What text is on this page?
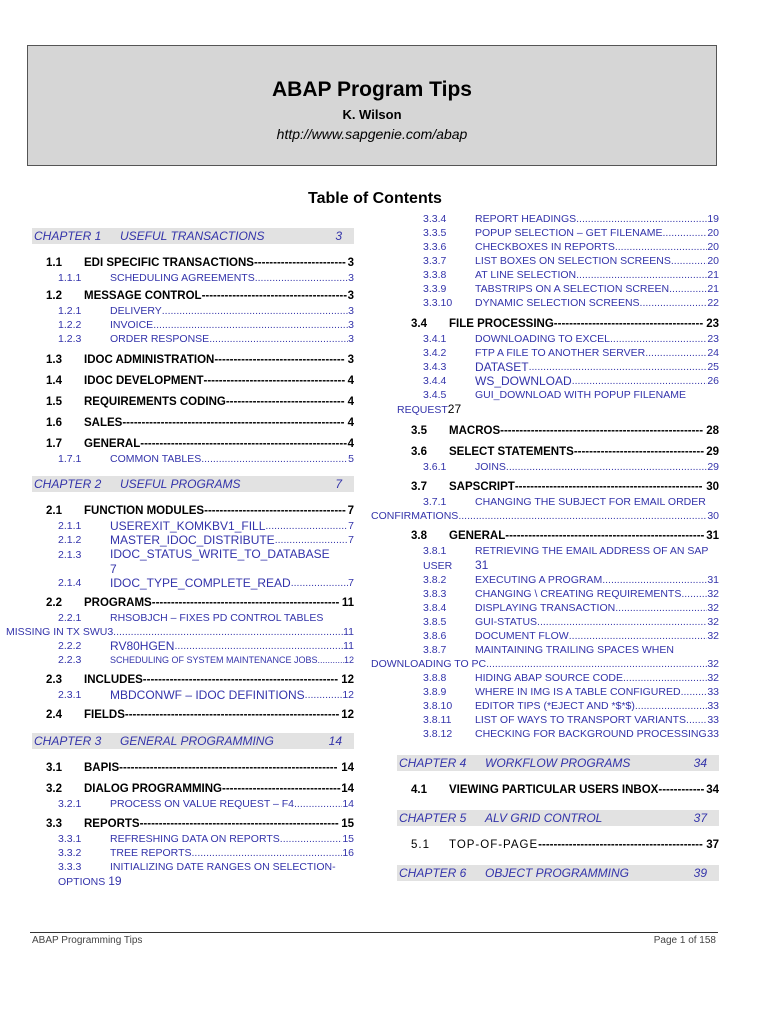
ABAP Program Tips
K. Wilson
http://www.sapgenie.com/abap
Table of Contents
CHAPTER 1 USEFUL TRANSACTIONS	3
1.1	EDI SPECIFIC TRANSACTIONS -----	3
1.1.1	SCHEDULING AGREEMENTS .....	3
1.2	MESSAGE CONTROL -----	3
1.2.1	DELIVERY .....	3
1.2.2	INVOICE .....	3
1.2.3	ORDER RESPONSE .....	3
1.3	IDOC ADMINISTRATION -----	3
1.4	IDOC DEVELOPMENT -----	4
1.5	REQUIREMENTS CODING -----	4
1.6	SALES -----	4
1.7	GENERAL -----	4
1.7.1	COMMON TABLES .....	5
CHAPTER 2 USEFUL PROGRAMS	7
2.1	FUNCTION MODULES -----	7
2.1.1	USEREXIT_KOMKBV1_FILL .....	7
2.1.2	MASTER_IDOC_DISTRIBUTE .....	7
2.1.3 IDOC_STATUS_WRITE_TO_DATABASE
7
2.1.4	IDOC_TYPE_COMPLETE_READ .....	7
2.2	PROGRAMS -----	11
2.2.1	RHSOBJCH – FIXES PD CONTROL TABLES
MISSING IN TX SWU3 .....	11
2.2.2	RV80HGEN .....	11
2.2.3	SCHEDULING OF SYSTEM MAINTENANCE JOBS .....	12
2.3	INCLUDES -----	12
2.3.1	MBDCONWF – IDOC DEFINITIONS .....	12
2.4	FIELDS -----	12
CHAPTER 3 GENERAL PROGRAMMING	14
3.1	BAPIS -----	14
3.2	DIALOG PROGRAMMING -----	14
3.2.1	PROCESS ON VALUE REQUEST – F4 .....	14
3.3	REPORTS -----	15
3.3.1	REFRESHING DATA ON REPORTS .....	15
3.3.2	TREE REPORTS .....	16
3.3.3	INITIALIZING DATE RANGES ON SELECTION-
OPTIONS 19
3.3.4	REPORT HEADINGS .....	19
3.3.5	POPUP SELECTION – GET FILENAME .....	20
3.3.6	CHECKBOXES IN REPORTS .....	20
3.3.7	LIST BOXES ON SELECTION SCREENS .....	20
3.3.8	AT LINE SELECTION .....	21
3.3.9	TABSTRIPS ON A SELECTION SCREEN .....	21
3.3.10	DYNAMIC SELECTION SCREENS .....	22
3.4	FILE PROCESSING -----	23
3.4.1	DOWNLOADING TO EXCEL .....	23
3.4.2	FTP A FILE TO ANOTHER SERVER .....	24
3.4.3	DATASET .....	25
3.4.4	WS_DOWNLOAD .....	26
3.4.5	GUI_DOWNLOAD WITH POPUP FILENAME
REQUEST27
3.5	MACROS -----	28
3.6	SELECT STATEMENTS -----	29
3.6.1	JOINS .....	29
3.7	SAPSCRIPT -----	30
3.7.1	CHANGING THE SUBJECT FOR EMAIL ORDER
CONFIRMATIONS .....	30
3.8	GENERAL -----	31
3.8.1	RETRIEVING THE EMAIL ADDRESS OF AN SAP
USER 31
3.8.2	EXECUTING A PROGRAM .....	31
3.8.3	CHANGING \ CREATING REQUIREMENTS ..... 32
3.8.4	DISPLAYING TRANSACTION .....	32
3.8.5	GUI-STATUS .....	32
3.8.6	DOCUMENT FLOW .....	32
3.8.7	MAINTAINING TRAILING SPACES WHEN
DOWNLOADING TO PC .....	32
3.8.8	HIDING ABAP SOURCE CODE .....	32
3.8.9	WHERE IN IMG IS A TABLE CONFIGURED .....	33
3.8.10	EDITOR TIPS (*EJECT AND *$*$) .....	33
3.8.11	LIST OF WAYS TO TRANSPORT VARIANTS ..... 33
3.8.12	CHECKING FOR BACKGROUND PROCESSING ..... 33
CHAPTER 4 WORKFLOW PROGRAMS	34
4.1	VIEWING PARTICULAR USERS INBOX -----	34
CHAPTER 5 ALV GRID CONTROL	37
5.1	TOP-OF-PAGE -----	37
CHAPTER 6 OBJECT PROGRAMMING	39
ABAP Programming Tips	Page 1 of 158
